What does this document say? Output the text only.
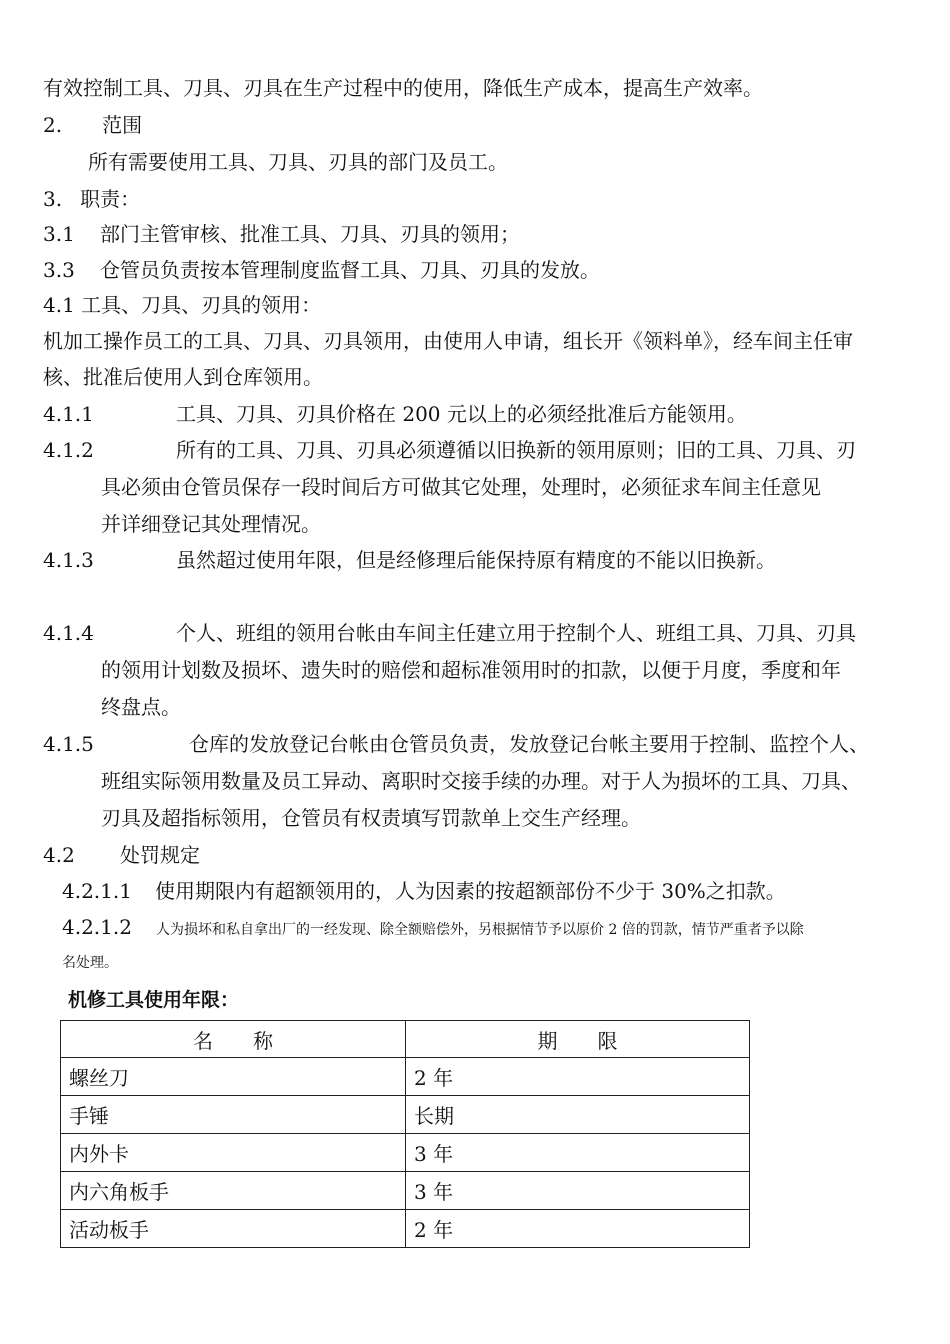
有效控制工具、刀具、刃具在生产过程中的使用，降低生产成本，提高生产效率。
2. 范围
所有需要使用工具、刀具、刃具的部门及员工。
3. 职责：
3.1 部门主管审核、批准工具、刀具、刃具的领用；
3.3 仓管员负责按本管理制度监督工具、刀具、刃具的发放。
4.1 工具、刀具、刃具的领用：
机加工操作员工的工具、刀具、刃具领用，由使用人申请，组长开《领料单》，经车间主任审
核、批准后使用人到仓库领用。
4.1.1	工具、刀具、刃具价格在 200 元以上的必须经批准后方能领用。
4.1.2	所有的工具、刀具、刃具必须遵循以旧换新的领用原则；旧的工具、刀具、刃
具必须由仓管员保存一段时间后方可做其它处理，处理时，必须征求车间主任意见
并详细登记其处理情况。
4.1.3	虽然超过使用年限，但是经修理后能保持原有精度的不能以旧换新。
4.1.4	个人、班组的领用台帐由车间主任建立用于控制个人、班组工具、刀具、刃具
的领用计划数及损坏、遗失时的赔偿和超标准领用时的扣款，以便于月度，季度和年
终盘点。
4.1.5	仓库的发放登记台帐由仓管员负责，发放登记台帐主要用于控制、监控个人、
班组实际领用数量及员工异动、离职时交接手续的办理。对于人为损坏的工具、刀具、
刃具及超指标领用，仓管员有权责填写罚款单上交生产经理。
4.2 处罚规定
4.2.1.1 使用期限内有超额领用的，人为因素的按超额部份不少于 30%之扣款。
4.2.1.2 人为损坏和私自拿出厂的一经发现、除全额赔偿外，另根据情节予以原价 2 倍的罚款，情节严重者予以除
名处理。
机修工具使用年限：
名　　称	期　　限
螺丝刀	2 年
手锤	长期
内外卡	3 年
内六角板手	3 年
活动板手	2 年
